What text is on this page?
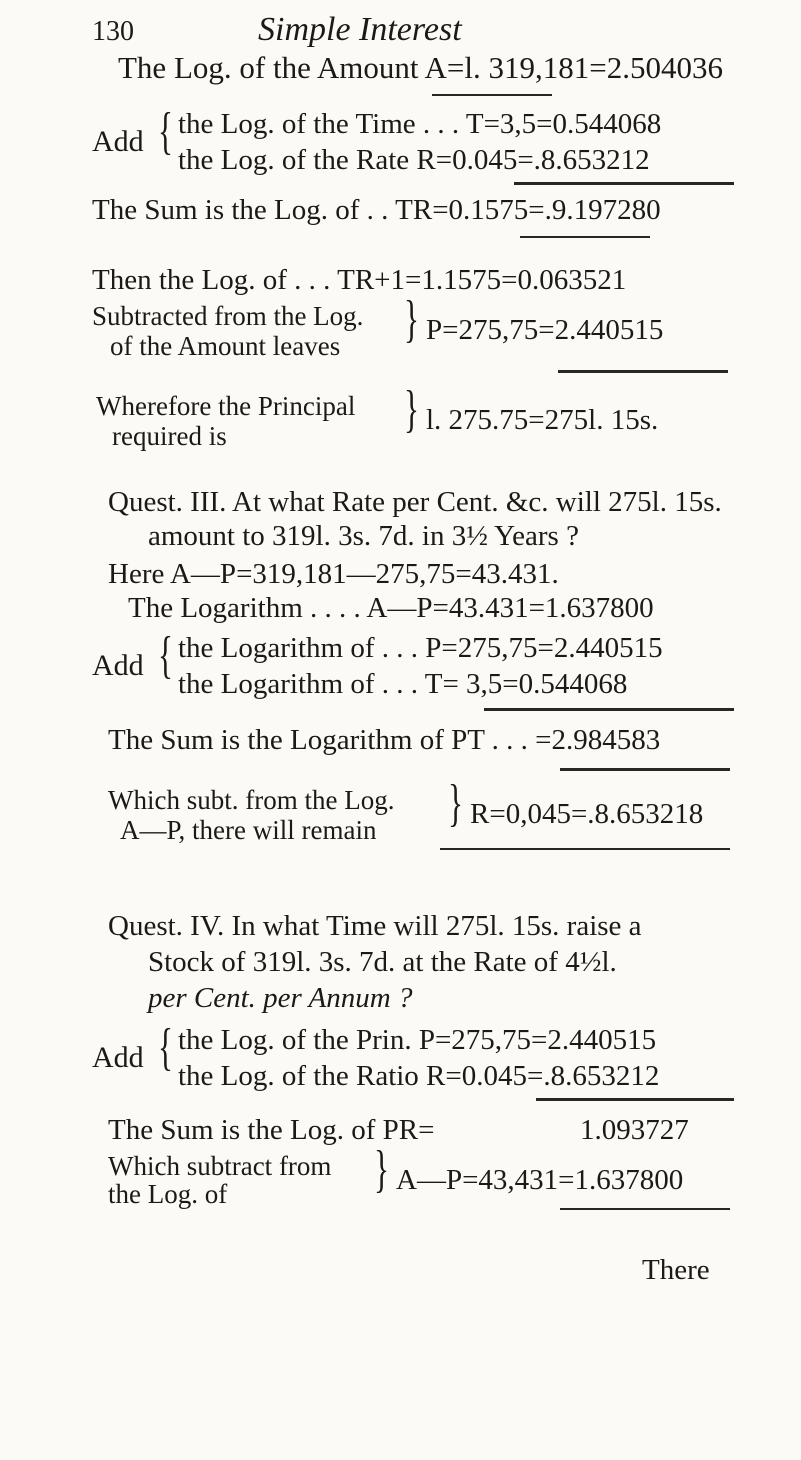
130	Simple Interest
The Log. of the Amount A=l. 319,181=2.504036
Add { the Log. of the Time . . . T=3,5=0.544068
the Log. of the Rate R=0.045=.8.653212
The Sum is the Log. of . . TR=0.1575=.9.197280
Then the Log. of . . . TR+1=1.1575=0.063521
Subtracted from the Log.
of the Amount leaves } P=275,75=2.440515
Wherefore the Principal
required is	} l. 275.75=275l. 15s.
Quest. III. At what Rate per Cent. &c. will 275l. 15s.
amount to 319l. 3s. 7d. in 3½ Years ?
Here A—P=319,181—275,75=43.431.
The Logarithm . . . . A—P=43.431=1.637800
Add { the Logarithm of . . . P=275,75=2.440515
the Logarithm of . . . T= 3,5=0.544068
The Sum is the Logarithm of PT . . . =2.984583
Which subt. from the Log.
A—P, there will remain } R=0,045=.8.653218
Quest. IV. In what Time will 275l. 15s. raise a
Stock of 319l. 3s. 7d. at the Rate of 4½l.
per Cent. per Annum ?
Add { the Log. of the Prin. P=275,75=2.440515
the Log. of the Ratio R=0.045=.8.653212
The Sum is the Log. of PR=	1.093727
Which subtract from
the Log. of	} A—P=43,431=1.637800
There
